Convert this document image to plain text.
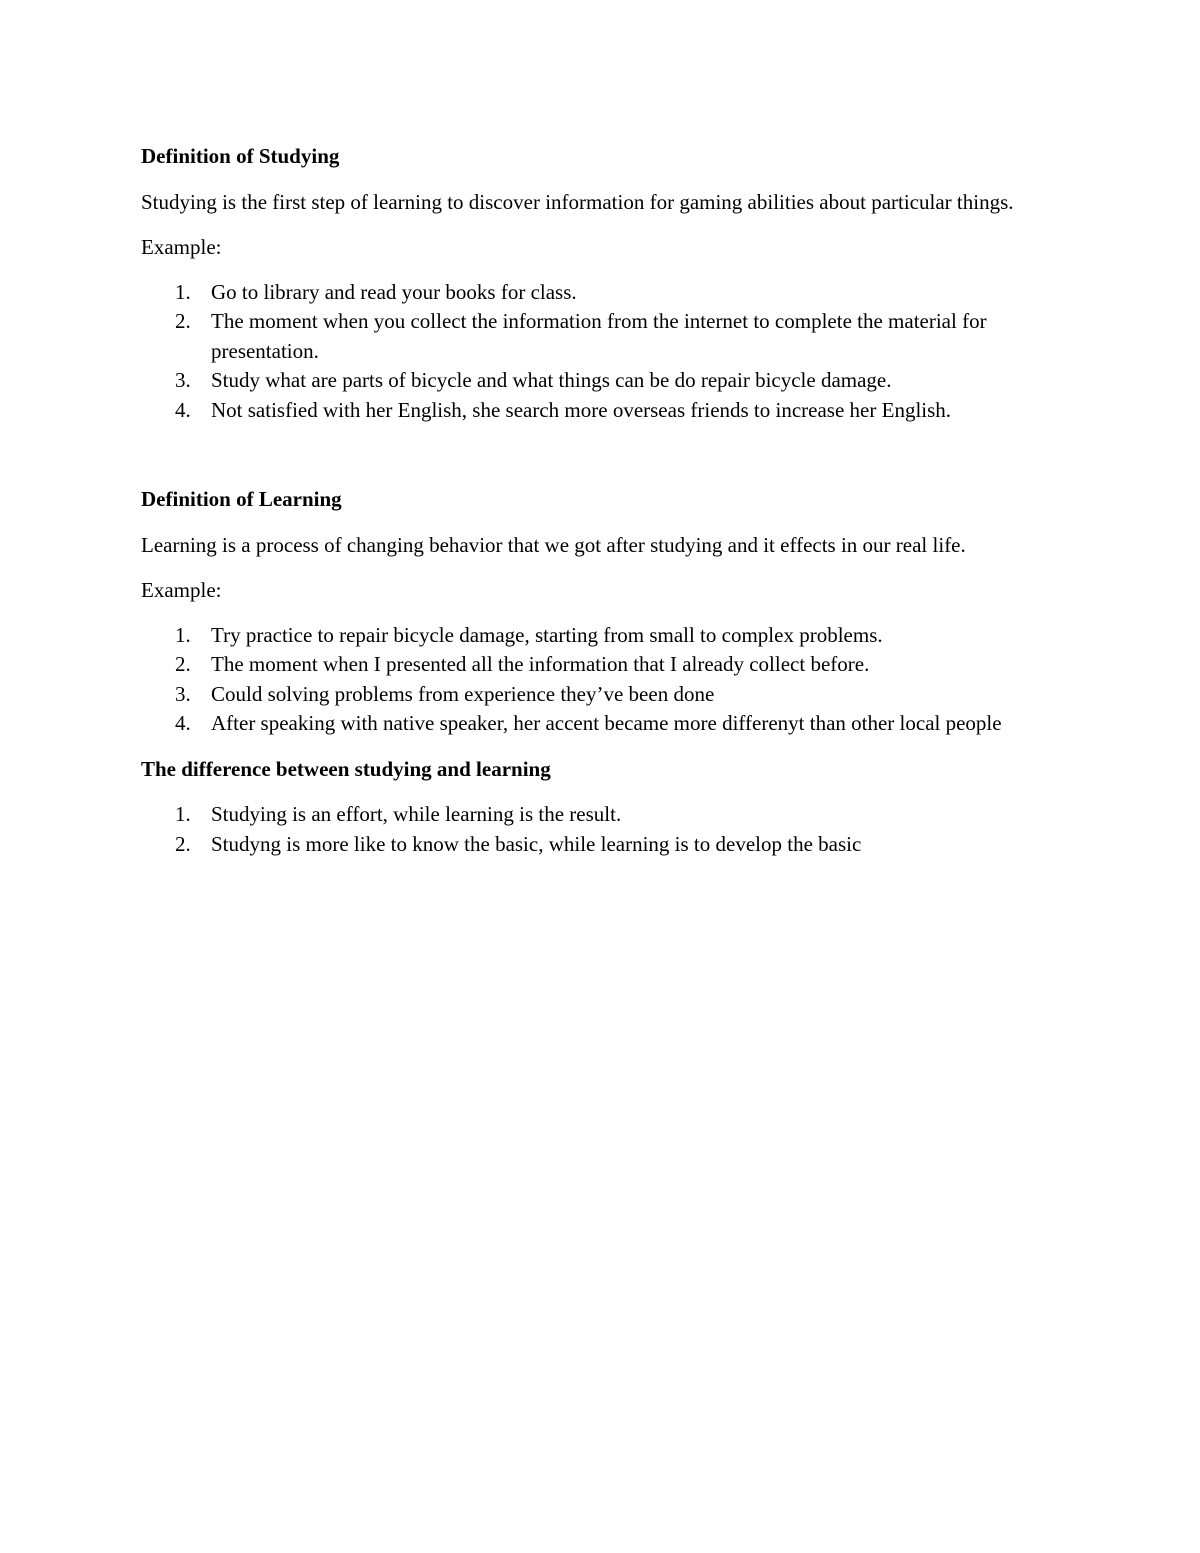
Definition of Studying
Studying is the first step of learning to discover information for gaming abilities about particular things.
Example:
1. Go to library and read your books for class.
2. The moment when you collect the information from the internet to complete the material for presentation.
3. Study what are parts of bicycle and what things can be do repair bicycle damage.
4. Not satisfied with her English, she search more overseas friends to increase her English.
Definition of Learning
Learning is a process of changing behavior that we got after studying and it effects in our real life.
Example:
1. Try practice to repair bicycle damage, starting from small to complex problems.
2. The moment when I presented all the information that I already collect before.
3. Could solving problems from experience they’ve been done
4. After speaking with native speaker, her accent became more differenyt than other local people
The difference between studying and learning
1. Studying is an effort, while learning is the result.
2. Studyng is more like to know the basic, while learning is to develop the basic
